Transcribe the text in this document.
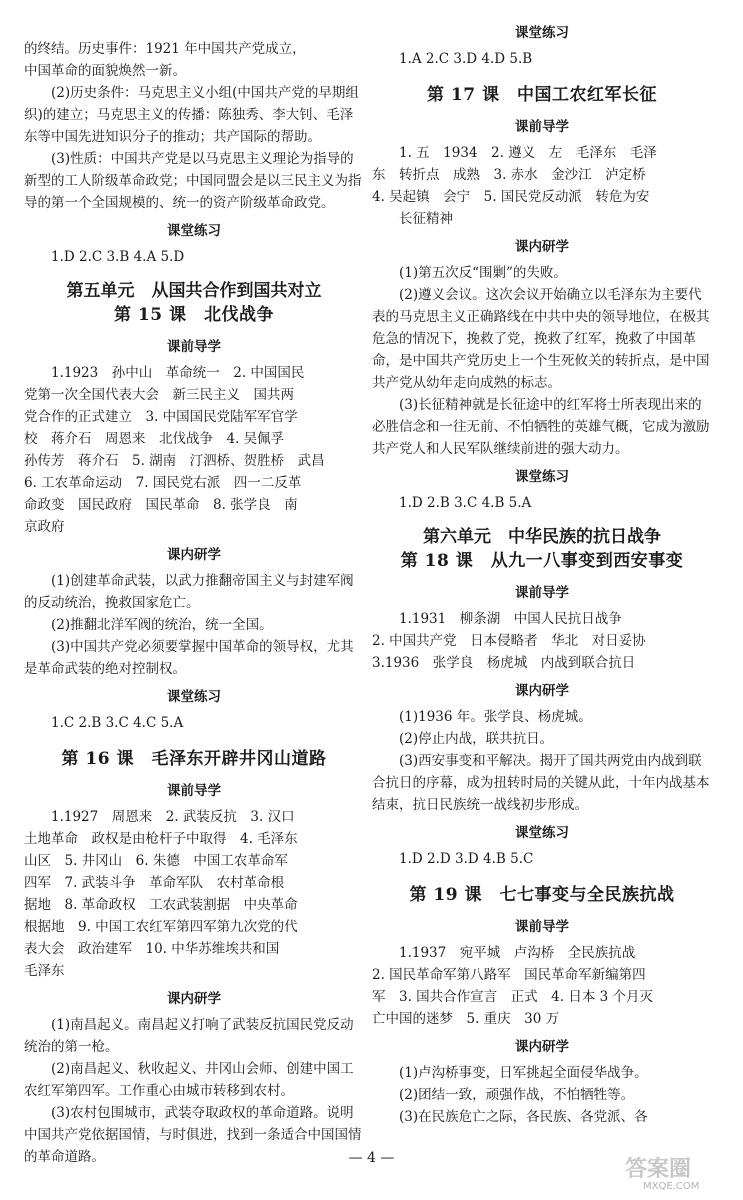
的终结。历史事件：1921 年中国共产党成立，

中国革命的面貌焕然一新。

(2)历史条件：马克思主义小组(中国共产党的早期组织)的建立；马克思主义的传播：陈独秀、李大钊、毛泽东等中国先进知识分子的推动；共产国际的帮助。

(3)性质：中国共产党是以马克思主义理论为指导的新型的工人阶级革命政党；中国同盟会是以三民主义为指导的第一个全国规模的、统一的资产阶级革命政党。

课堂练习

1.D 2.C 3.B 4.A 5.D

第五单元　从国共合作到国共对立
第 15 课　北伐战争
课前导学

1.1923　孙中山　革命统一　2. 中国国民

党第一次全国代表大会　新三民主义　国共两

党合作的正式建立　3. 中国国民党陆军军官学

校　蒋介石　周恩来　北伐战争　4. 吴佩孚

孙传芳　蒋介石　5. 湖南　汀泗桥、贺胜桥　武昌

6. 工农革命运动　7. 国民党右派　四一二反革

命政变　国民政府　国民革命　8. 张学良　南

京政府

课内研学

(1)创建革命武装，以武力推翻帝国主义与封建军阀的反动统治，挽救国家危亡。

(2)推翻北洋军阀的统治，统一全国。

(3)中国共产党必须要掌握中国革命的领导权，尤其是革命武装的绝对控制权。

课堂练习

1.C 2.B 3.C 4.C 5.A

第 16 课　毛泽东开辟井冈山道路
课前导学

1.1927　周恩来　2. 武装反抗　3. 汉口

土地革命　政权是由枪杆子中取得　4. 毛泽东

山区　5. 井冈山　6. 朱德　中国工农革命军

四军　7. 武装斗争　革命军队　农村革命根

据地　8. 革命政权　工农武装割据　中央革命

根据地　9. 中国工农红军第四军第九次党的代

表大会　政治建军　10. 中华苏维埃共和国

毛泽东

课内研学

(1)南昌起义。南昌起义打响了武装反抗国民党反动统治的第一枪。

(2)南昌起义、秋收起义、井冈山会师、创建中国工农红军第四军。工作重心由城市转移到农村。

(3)农村包围城市，武装夺取政权的革命道路。说明中国共产党依据国情，与时俱进，找到一条适合中国国情的革命道路。

课堂练习

1.A 2.C 3.D 4.D 5.B

第 17 课　中国工农红军长征
课前导学

1. 五　1934　2. 遵义　左　毛泽东　毛泽

东　转折点　成熟　3. 赤水　金沙江　泸定桥

4. 吴起镇　会宁　5. 国民党反动派　转危为安

长征精神

课内研学

(1)第五次反“围剿”的失败。

(2)遵义会议。这次会议开始确立以毛泽东为主要代表的马克思主义正确路线在中共中央的领导地位，在极其危急的情况下，挽救了党，挽救了红军，挽救了中国革命，是中国共产党历史上一个生死攸关的转折点，是中国共产党从幼年走向成熟的标志。

(3)长征精神就是长征途中的红军将士所表现出来的必胜信念和一往无前、不怕牺牲的英雄气概，它成为激励共产党人和人民军队继续前进的强大动力。

课堂练习

1.D 2.B 3.C 4.B 5.A

第六单元　中华民族的抗日战争
第 18 课　从九一八事变到西安事变
课前导学

1.1931　柳条湖　中国人民抗日战争

2. 中国共产党　日本侵略者　华北　对日妥协

3.1936　张学良　杨虎城　内战到联合抗日

课内研学

(1)1936 年。张学良、杨虎城。

(2)停止内战，联共抗日。

(3)西安事变和平解决。揭开了国共两党由内战到联合抗日的序幕，成为扭转时局的关键从此，十年内战基本结束，抗日民族统一战线初步形成。

课堂练习

1.D 2.D 3.D 4.B 5.C

第 19 课　七七事变与全民族抗战
课前导学

1.1937　宛平城　卢沟桥　全民族抗战

2. 国民革命军第八路军　国民革命军新编第四

军　3. 国共合作宣言　正式　4. 日本 3 个月灭

亡中国的迷梦　5. 重庆　30 万

课内研学

(1)卢沟桥事变，日军挑起全面侵华战争。

(2)团结一致，顽强作战，不怕牺牲等。

(3)在民族危亡之际，各民族、各党派、各

— 4 —	答案圈
MXQE.COM
